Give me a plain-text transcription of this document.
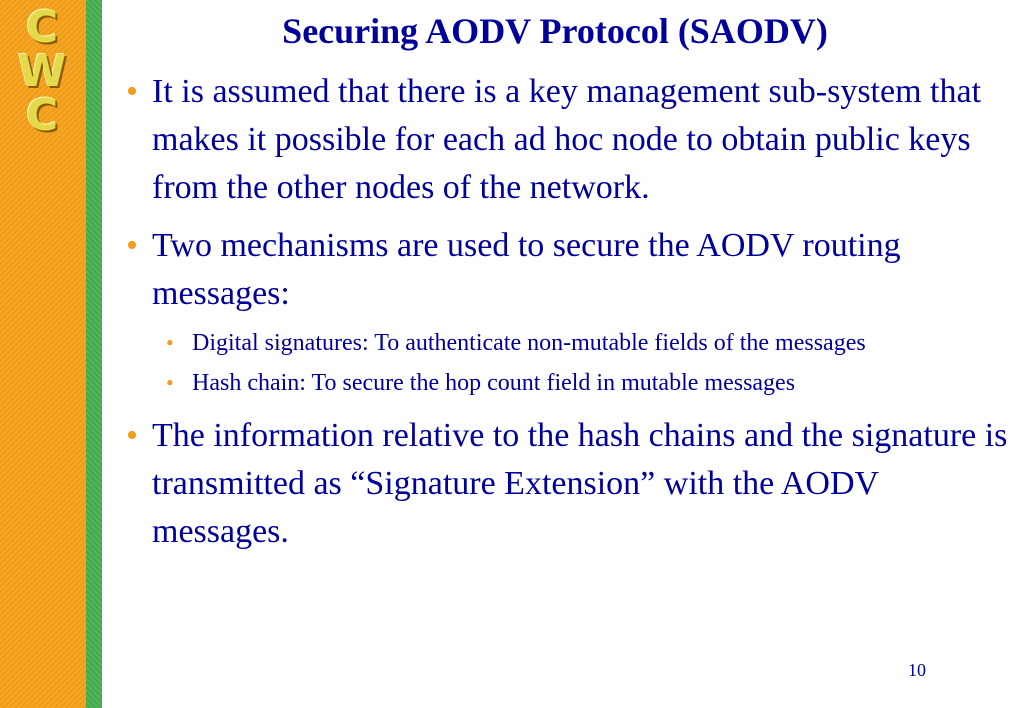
C
W
C
Securing AODV Protocol (SAODV)
• It is assumed that there is a key management sub-system that makes it possible for each ad hoc node to obtain public keys from the other nodes of the network.
• Two mechanisms are used to secure the AODV routing messages:
• Digital signatures: To authenticate non-mutable fields of the messages
• Hash chain: To secure the hop count field in mutable messages
• The information relative to the hash chains and the signature is transmitted as “Signature Extension” with the AODV messages.
10
